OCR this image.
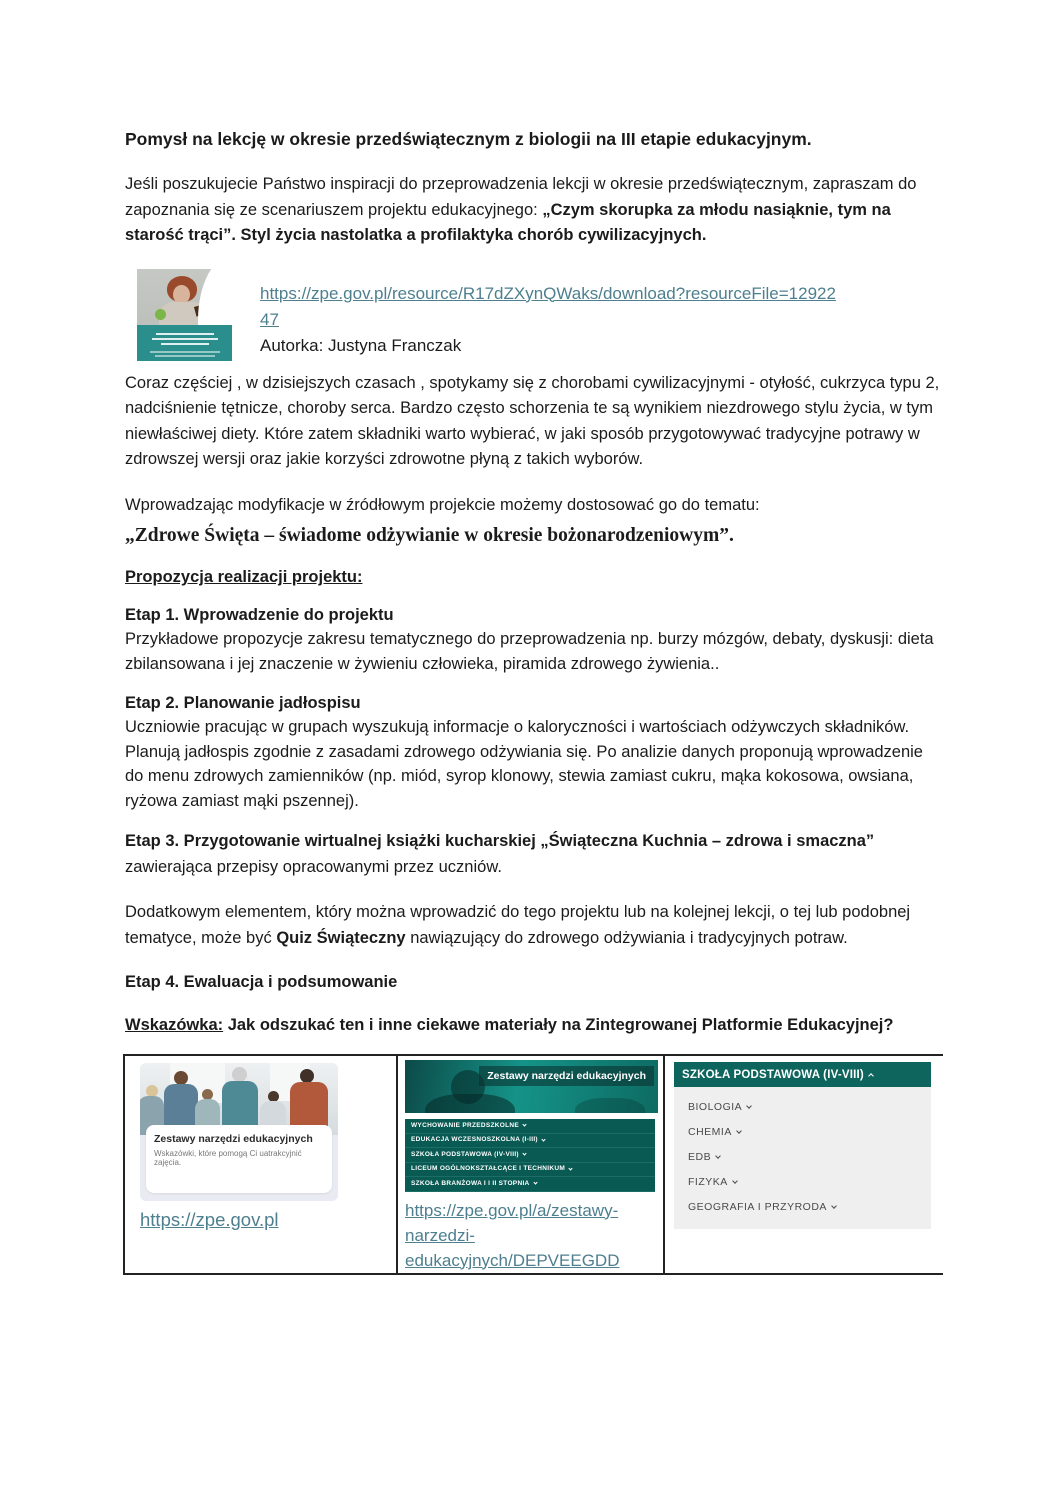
Pomysł na lekcję w okresie przedświątecznym z biologii na III etapie edukacyjnym.

Jeśli poszukujecie Państwo inspiracji do przeprowadzenia lekcji w okresie przedświątecznym, zapraszam do zapoznania się ze scenariuszem projektu edukacyjnego: „Czym skorupka za młodu nasiąknie, tym na starość trąci”. Styl życia nastolatka a profilaktyka chorób cywilizacyjnych.

https://zpe.gov.pl/resource/R17dZXynQWaks/download?resourceFile=1292247
Autorka: Justyna Franczak

Coraz częściej , w dzisiejszych czasach , spotykamy się z chorobami cywilizacyjnymi - otyłość, cukrzyca typu 2, nadciśnienie tętnicze, choroby serca. Bardzo często schorzenia te są wynikiem niezdrowego stylu życia, w tym niewłaściwej diety. Które zatem składniki warto wybierać, w jaki sposób przygotowywać tradycyjne potrawy w zdrowszej wersji oraz jakie korzyści zdrowotne płyną z takich wyborów.

Wprowadzając modyfikacje w źródłowym projekcie możemy dostosować go do tematu:

„Zdrowe Święta – świadome odżywianie w okresie bożonarodzeniowym”.

Propozycja realizacji projektu:

Etap 1. Wprowadzenie do projektu
Przykładowe propozycje zakresu tematycznego do przeprowadzenia np. burzy mózgów, debaty, dyskusji: dieta zbilansowana i jej znaczenie w żywieniu człowieka, piramida zdrowego żywienia..
Etap 2. Planowanie jadłospisu
Uczniowie pracując w grupach wyszukują informacje o kaloryczności i wartościach odżywczych składników. Planują jadłospis zgodnie z zasadami zdrowego odżywiania się. Po analizie danych proponują wprowadzenie do menu zdrowych zamienników (np. miód, syrop klonowy, stewia zamiast cukru, mąka kokosowa, owsiana, ryżowa zamiast mąki pszennej).

Etap 3. Przygotowanie wirtualnej książki kucharskiej „Świąteczna Kuchnia – zdrowa i smaczna” zawierająca przepisy opracowanymi przez uczniów.

Dodatkowym elementem, który można wprowadzić do tego projektu lub na kolejnej lekcji, o tej lub podobnej tematyce, może być Quiz Świąteczny nawiązujący do zdrowego odżywiania i tradycyjnych potraw.

Etap 4. Ewaluacja i podsumowanie

Wskazówka: Jak odszukać ten i inne ciekawe materiały na Zintegrowanej Platformie Edukacyjnej?

Zestawy narzędzi edukacyjnych
Wskazówki, które pomogą Ci uatrakcyjnić zajęcia.
https://zpe.gov.pl
Zestawy narzędzi edukacyjnych
WYCHOWANIE PRZEDSZKOLNE
EDUKACJA WCZESNOSZKOLNA (I-III)
SZKOŁA PODSTAWOWA (IV-VIII)
LICEUM OGÓLNOKSZTAŁCĄCE I TECHNIKUM
SZKOŁA BRANŻOWA I I II STOPNIA
https://zpe.gov.pl/a/zestawy-narzedzi-edukacyjnych/DEPVEEGDD
SZKOŁA PODSTAWOWA (IV-VIII)
BIOLOGIA
CHEMIA
EDB
FIZYKA
GEOGRAFIA I PRZYRODA
